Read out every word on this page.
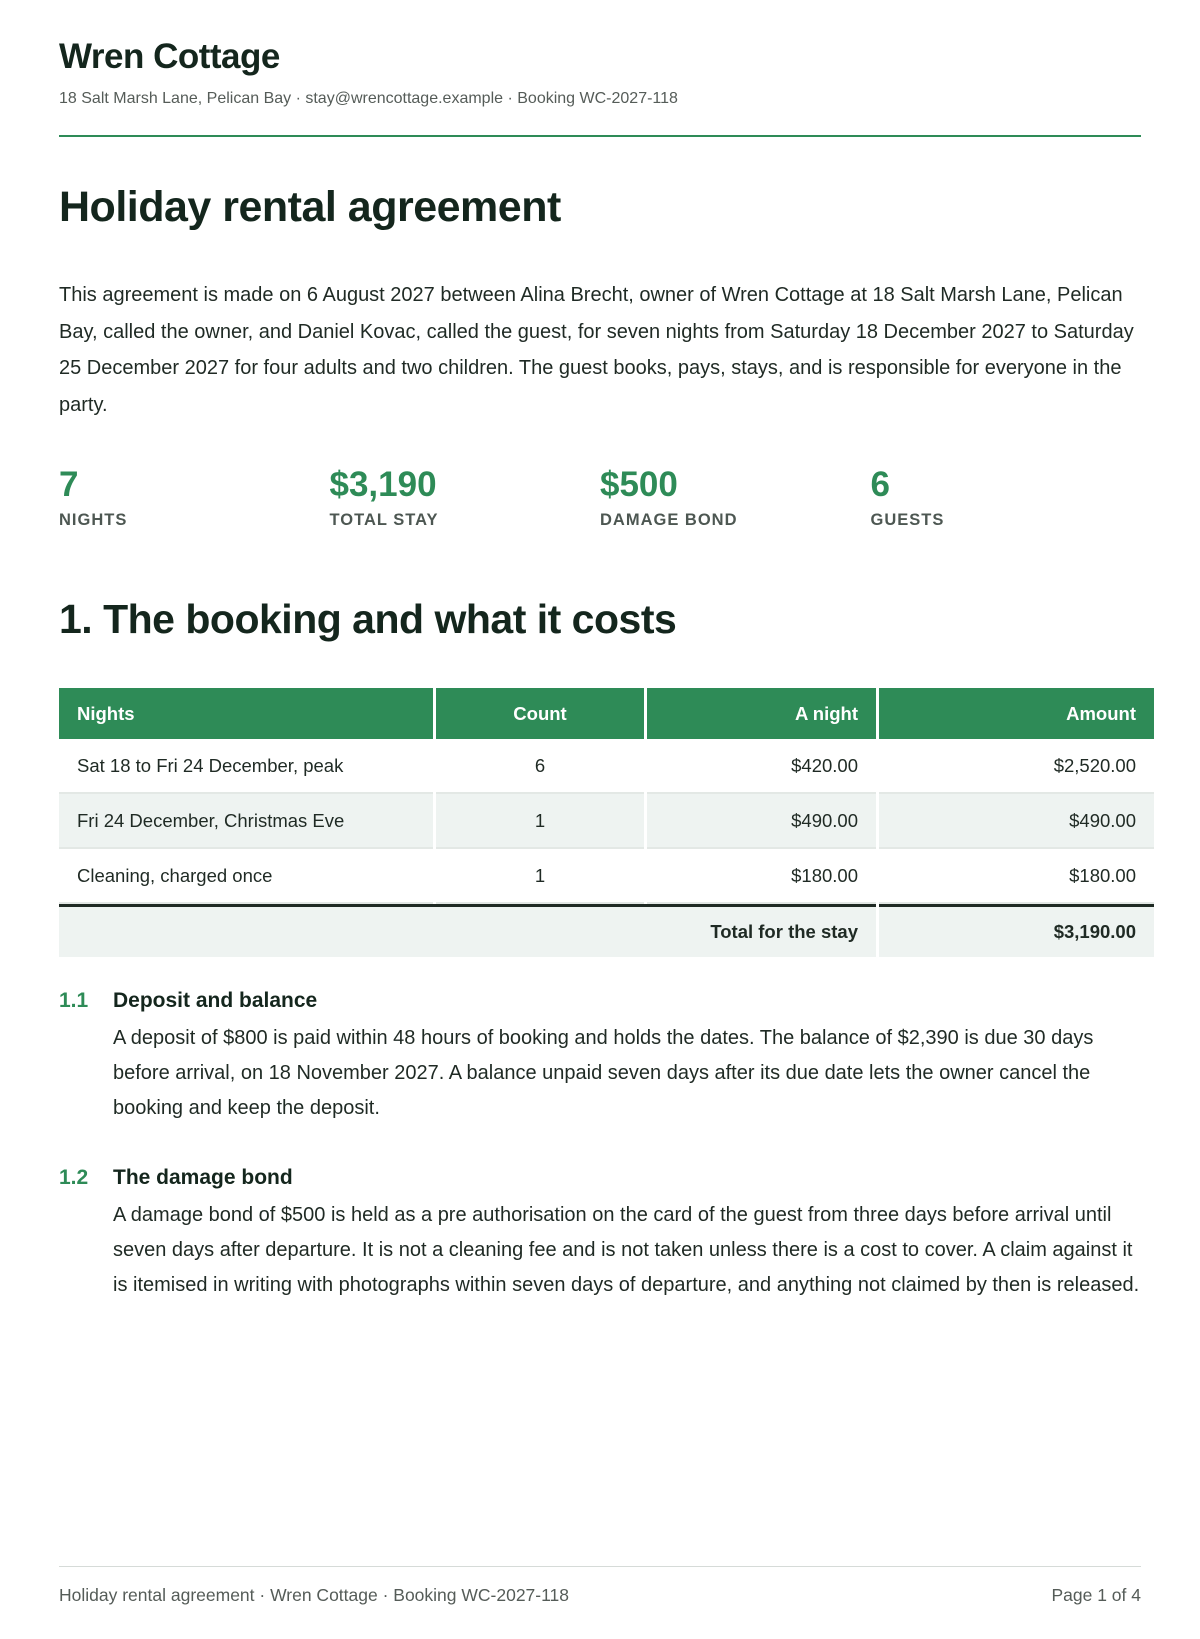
Wren Cottage
18 Salt Marsh Lane, Pelican Bay · stay@wrencottage.example · Booking WC-2027-118
Holiday rental agreement

This agreement is made on 6 August 2027 between Alina Brecht, owner of Wren Cottage at 18 Salt Marsh Lane, Pelican Bay, called the owner, and Daniel Kovac, called the guest, for seven nights from Saturday 18 December 2027 to Saturday 25 December 2027 for four adults and two children. The guest books, pays, stays, and is responsible for everyone in the party.

7
NIGHTS
$3,190
TOTAL STAY
$500
DAMAGE BOND
6
GUESTS
1. The booking and what it costs
Nights	Count	A night	Amount
Sat 18 to Fri 24 December, peak	6	$420.00	$2,520.00
Fri 24 December, Christmas Eve	1	$490.00	$490.00
Cleaning, charged once	1	$180.00	$180.00
Total for the stay			$3,190.00
1.1	Deposit and balance
A deposit of $800 is paid within 48 hours of booking and holds the dates. The balance of $2,390 is due 30 days before arrival, on 18 November 2027. A balance unpaid seven days after its due date lets the owner cancel the booking and keep the deposit.
1.2	The damage bond
A damage bond of $500 is held as a pre authorisation on the card of the guest from three days before arrival until seven days after departure. It is not a cleaning fee and is not taken unless there is a cost to cover. A claim against it is itemised in writing with photographs within seven days of departure, and anything not claimed by then is released.
Holiday rental agreement · Wren Cottage · Booking WC-2027-118	Page 1 of 4
